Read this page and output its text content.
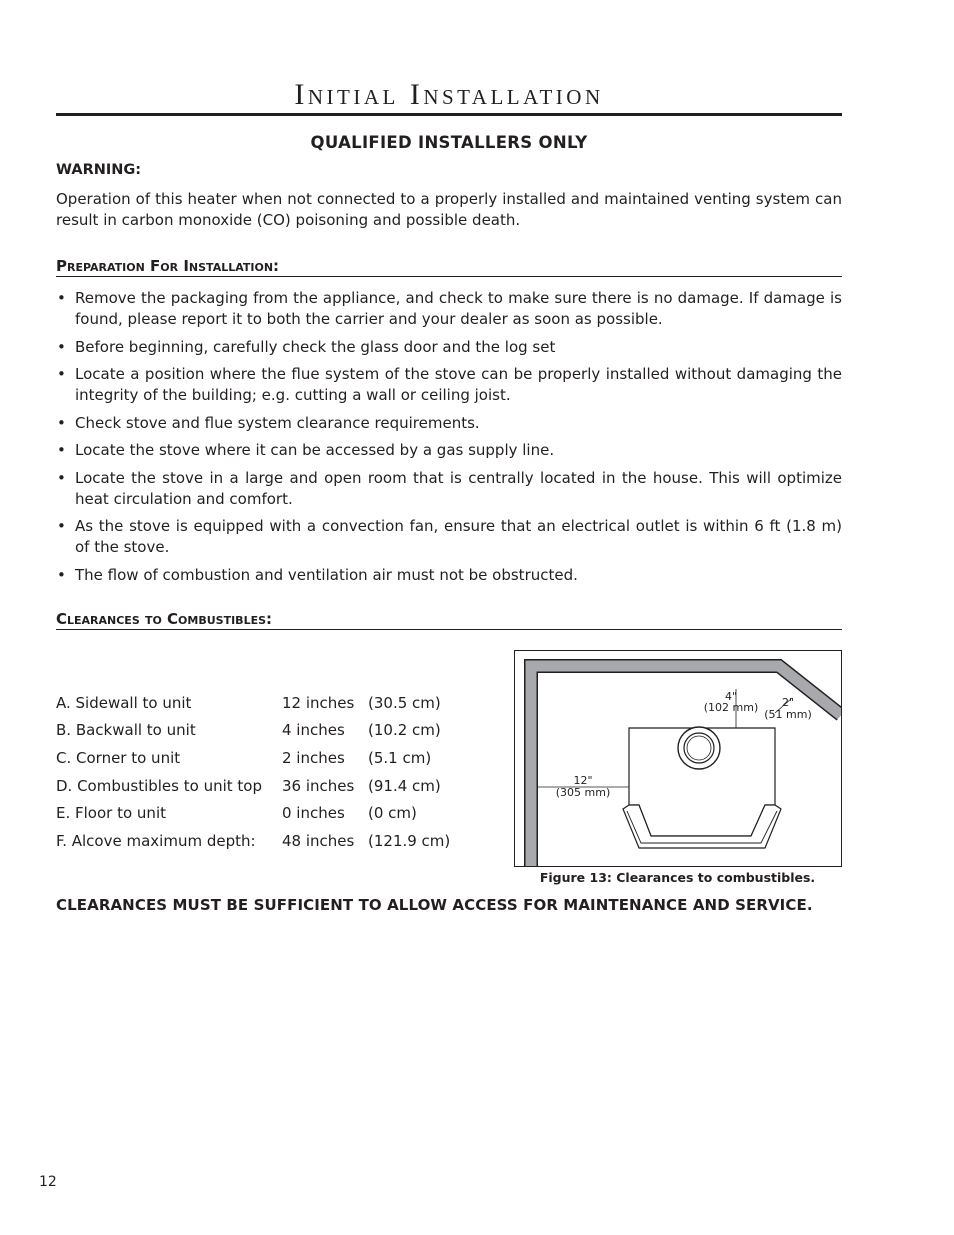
Initial Installation
QUALIFIED INSTALLERS ONLY
WARNING:
Operation of this heater when not connected to a properly installed and maintained venting system can result in carbon monoxide (CO) poisoning and possible death.
Preparation For Installation:
• Remove the packaging from the appliance, and check to make sure there is no damage. If damage is found, please report it to both the carrier and your dealer as soon as possible.
• Before beginning, carefully check the glass door and the log set
• Locate a position where the flue system of the stove can be properly installed without damaging the integrity of the building; e.g. cutting a wall or ceiling joist.
• Check stove and flue system clearance requirements.
• Locate the stove where it can be accessed by a gas supply line.
• Locate the stove in a large and open room that is centrally located in the house. This will optimize heat circulation and comfort.
• As the stove is equipped with a convection fan, ensure that an electrical outlet is within 6 ft (1.8 m) of the stove.
• The flow of combustion and ventilation air must not be obstructed.
Clearances to Combustibles:
A. Sidewall to unit	12 inches	(30.5 cm)
B. Backwall to unit	4 inches	(10.2 cm)
C. Corner to unit	2 inches	(5.1 cm)
D. Combustibles to unit top	36 inches	(91.4 cm)
E. Floor to unit	0 inches	(0 cm)
F. Alcove maximum depth:	48 inches	(121.9 cm)
4"
(102 mm) 2"
(51 mm)
12"
(305 mm)
Figure 13: Clearances to combustibles.
CLEARANCES MUST BE SUFFICIENT TO ALLOW ACCESS FOR MAINTENANCE AND SERVICE.
12
